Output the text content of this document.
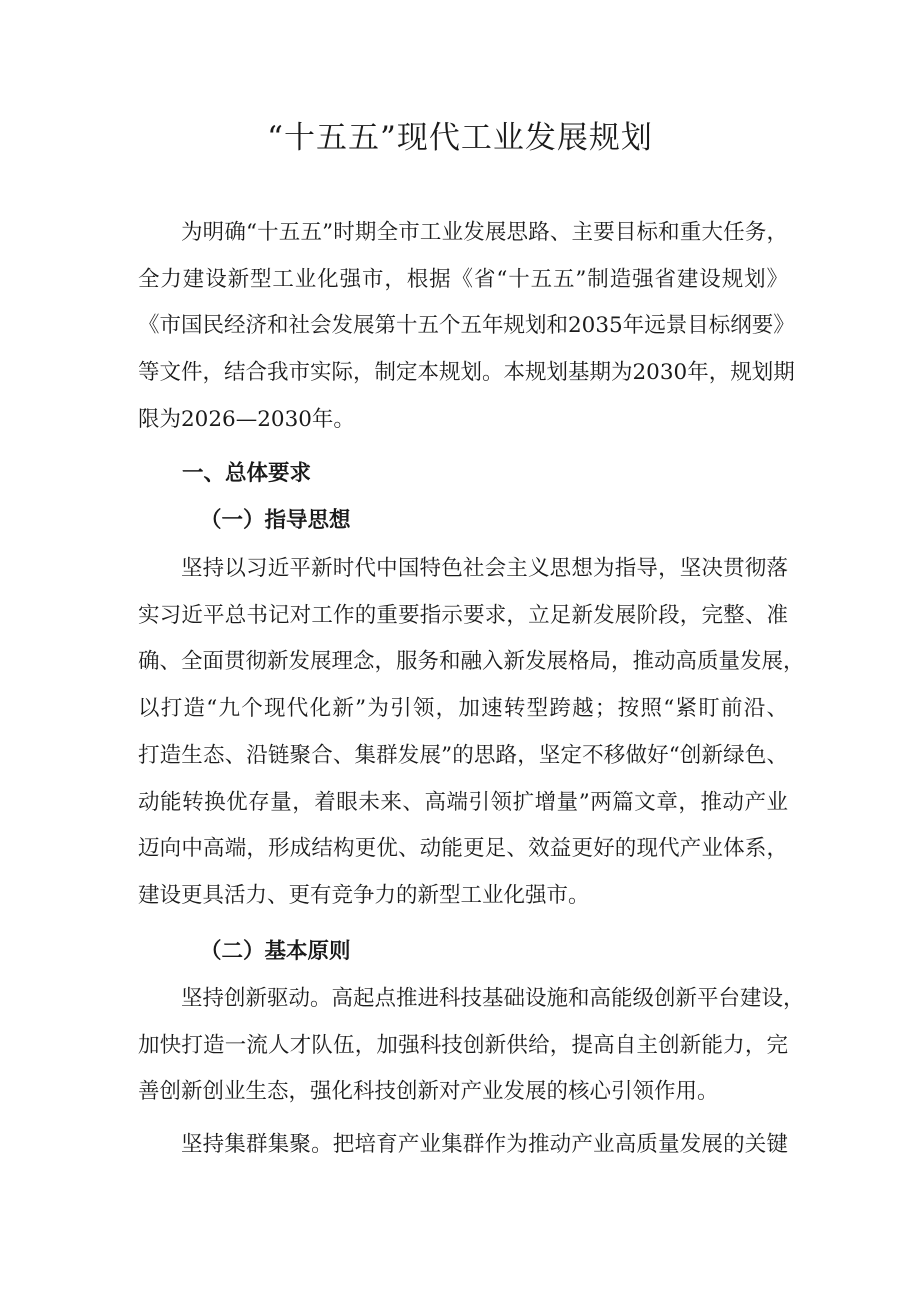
“十五五”现代工业发展规划

为明确“十五五”时期全市工业发展思路、主要目标和重大任务，
全力建设新型工业化强市，根据《省“十五五”制造强省建设规划》
《市国民经济和社会发展第十五个五年规划和2035年远景目标纲要》
等文件，结合我市实际，制定本规划。本规划基期为2030年，规划期
限为2026—2030年。

一、总体要求
（一）指导思想

坚持以习近平新时代中国特色社会主义思想为指导，坚决贯彻落
实习近平总书记对工作的重要指示要求，立足新发展阶段，完整、准
确、全面贯彻新发展理念，服务和融入新发展格局，推动高质量发展，
以打造“九个现代化新”为引领，加速转型跨越；按照“紧盯前沿、
打造生态、沿链聚合、集群发展”的思路，坚定不移做好“创新绿色、
动能转换优存量，着眼未来、高端引领扩增量”两篇文章，推动产业
迈向中高端，形成结构更优、动能更足、效益更好的现代产业体系，
建设更具活力、更有竞争力的新型工业化强市。

（二）基本原则

坚持创新驱动。高起点推进科技基础设施和高能级创新平台建设，
加快打造一流人才队伍，加强科技创新供给，提高自主创新能力，完
善创新创业生态，强化科技创新对产业发展的核心引领作用。

坚持集群集聚。把培育产业集群作为推动产业高质量发展的关键
